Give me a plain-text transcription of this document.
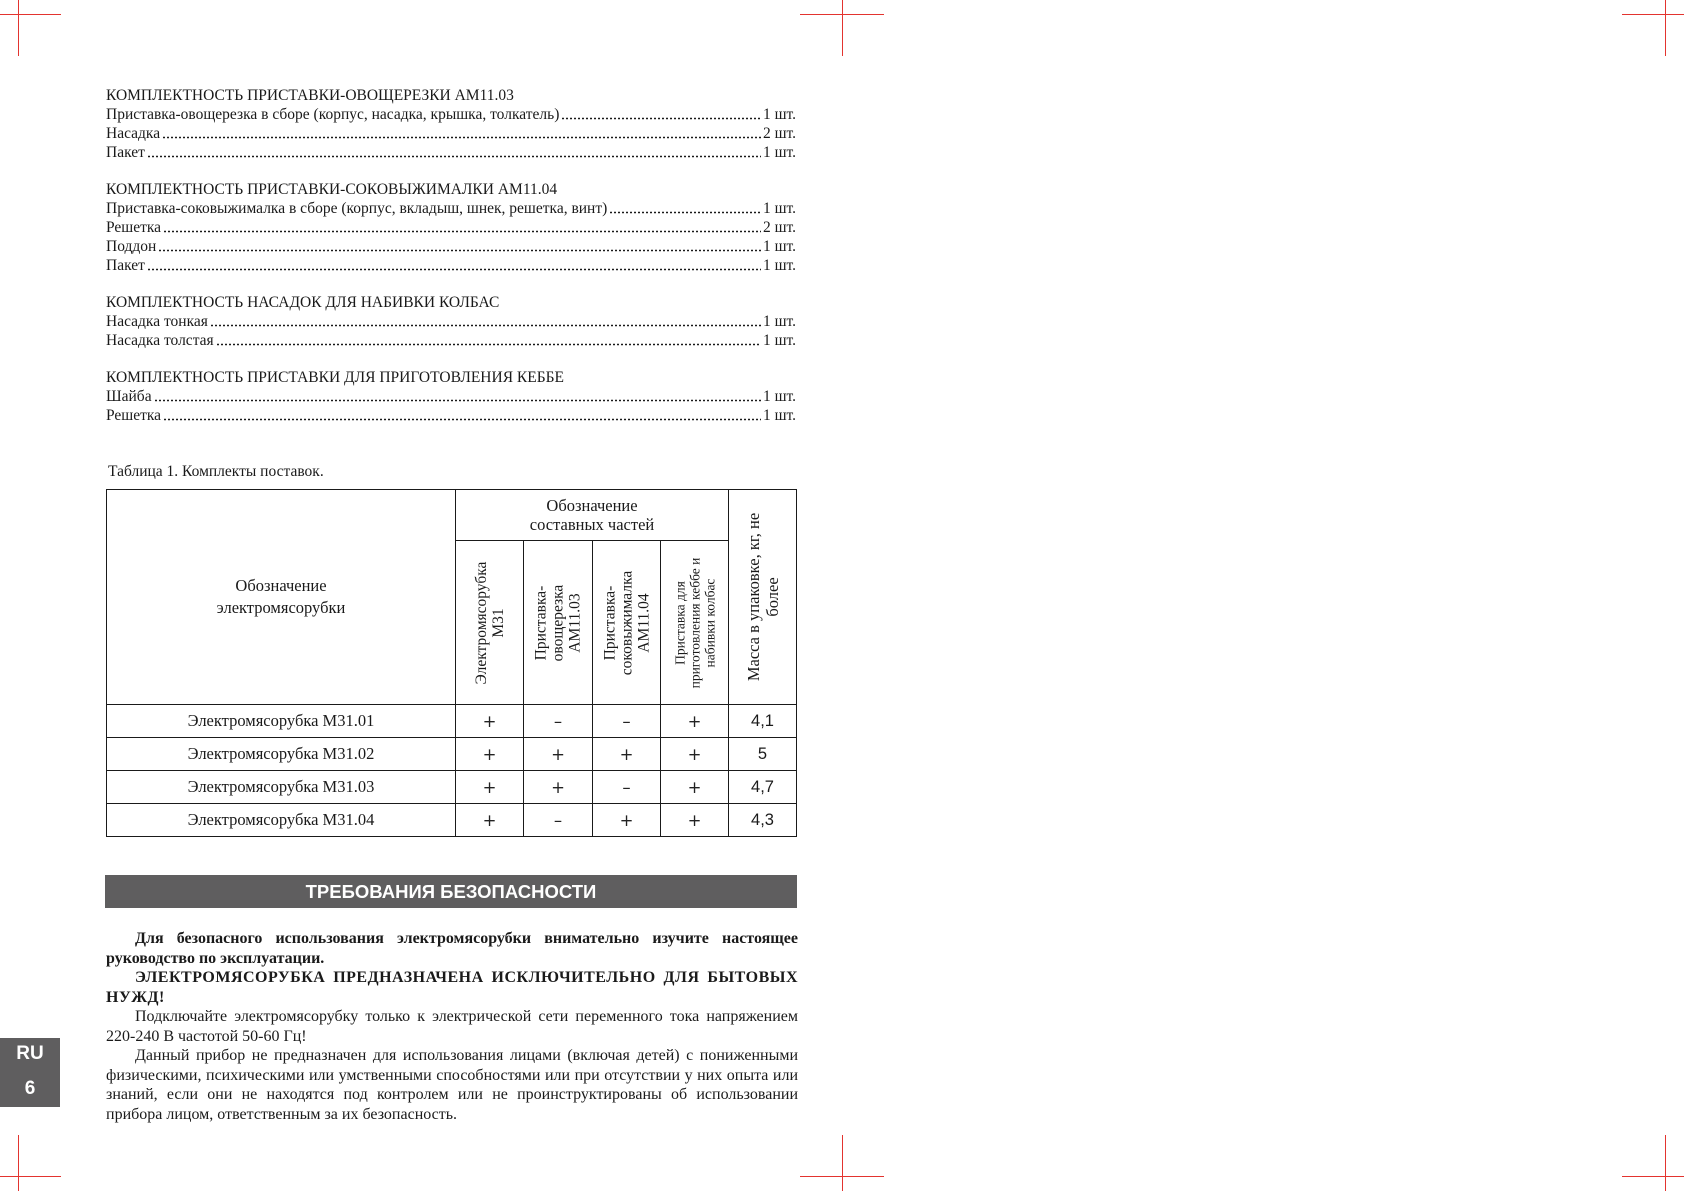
КОМПЛЕКТНОСТЬ ПРИСТАВКИ-ОВОЩЕРЕЗКИ АМ11.03
Приставка-овощерезка в сборе (корпус, насадка, крышка, толкатель)	1 шт.
Насадка	2 шт.
Пакет	1 шт.
КОМПЛЕКТНОСТЬ ПРИСТАВКИ-СОКОВЫЖИМАЛКИ АМ11.04
Приставка-соковыжималка в сборе (корпус, вкладыш, шнек, решетка, винт)	1 шт.
Решетка	2 шт.
Поддон	1 шт.
Пакет	1 шт.
КОМПЛЕКТНОСТЬ НАСАДОК ДЛЯ НАБИВКИ КОЛБАС
Насадка тонкая	1 шт.
Насадка толстая	1 шт.
КОМПЛЕКТНОСТЬ ПРИСТАВКИ ДЛЯ ПРИГОТОВЛЕНИЯ КЕББЕ
Шайба	1 шт.
Решетка	1 шт.
Таблица 1. Комплекты поставок.
Обозначение электромясорубки	Обозначение составных частей				Масса в упаковке, кг, не более

	Электромясорубка М31	Приставка- овощерезка АМ11.03	Приставка- соковыжималка АМ11.04	Приставка для приготовления кеббе и набивки колбас	

Электромясорубка М31.01	+	–	–	+	4,1
Электромясорубка М31.02	+	+	+	+	5
Электромясорубка М31.03	+	+	–	+	4,7
Электромясорубка М31.04	+	–	+	+	4,3
ТРЕБОВАНИЯ БЕЗОПАСНОСТИ

Для безопасного использования электромясорубки внимательно изучите настоящее руководство по эксплуатации.

ЭЛЕКТРОМЯСОРУБКА ПРЕДНАЗНАЧЕНА ИСКЛЮЧИТЕЛЬНО ДЛЯ БЫТОВЫХ НУЖД!

Подключайте электромясорубку только к электрической сети переменного тока напряжением 220-240 В частотой 50-60 Гц!

Данный прибор не предназначен для использования лицами (включая детей) с пониженными физическими, психическими или умственными способностями или при отсутствии у них опыта или знаний, если они не находятся под контролем или не проинструктированы об использовании прибора лицом, ответственным за их безопасность.

RU
6
